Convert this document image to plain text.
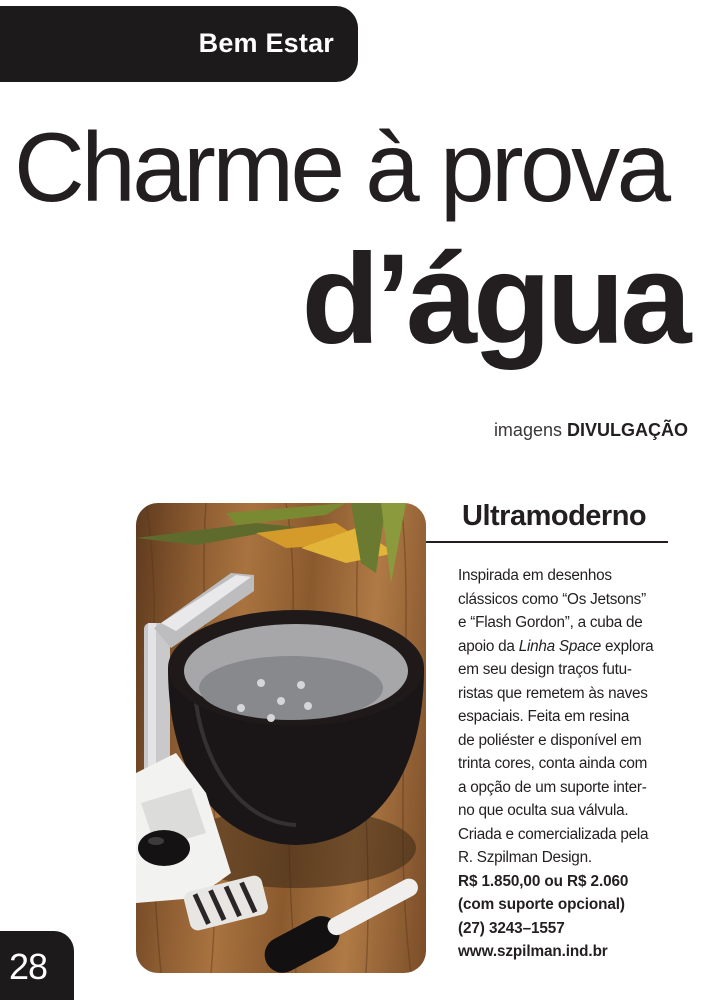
Bem Estar
Charme à prova
d’água
imagens DIVULGAÇÃO
Ultramoderno
Inspirada em desenhos
clássicos como “Os Jetsons”
e “Flash Gordon”, a cuba de
apoio da Linha Space explora
em seu design traços futu-
ristas que remetem às naves
espaciais. Feita em resina
de poliéster e disponível em
trinta cores, conta ainda com
a opção de um suporte inter-
no que oculta sua válvula.
Criada e comercializada pela
R. Szpilman Design.
R$ 1.850,00 ou R$ 2.060
(com suporte opcional)
(27) 3243–1557
www.szpilman.ind.br
28
